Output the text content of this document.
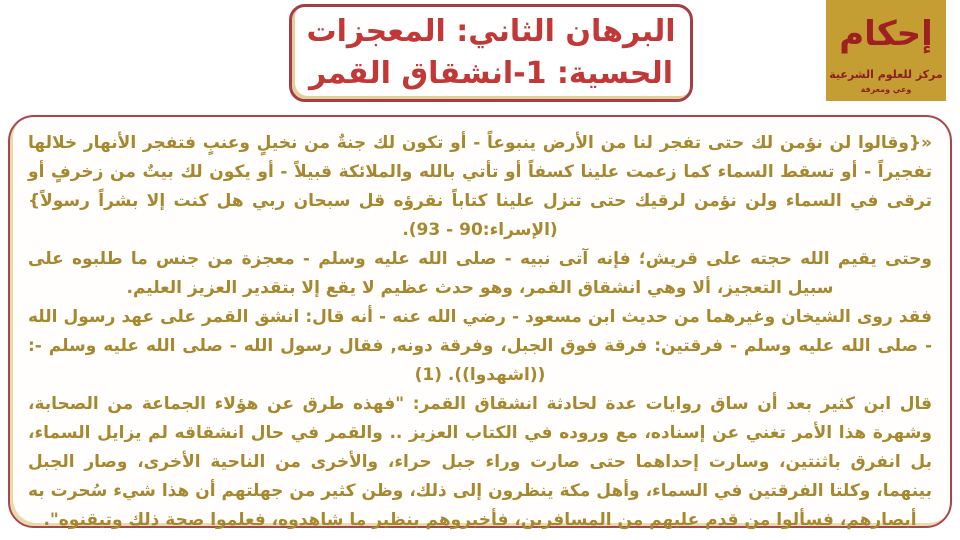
البرهان الثاني: المعجزات
الحسية: 1-انشقاق القمر
إحكام
مركز للعلوم الشرعية
وعي ومعرفة

«{وقالوا لن نؤمن لك حتى تفجر لنا من الأرض ينبوعاً - أو تكون لك جنةٌ من نخيلٍ وعنبٍ فتفجر الأنهار خلالها تفجيراً - أو تسقط السماء كما زعمت علينا كسفاً أو تأتي بالله والملائكة قبيلاً - أو يكون لك بيتٌ من زخرفٍ أو ترقى في السماء ولن نؤمن لرقيك حتى تنزل علينا كتاباً نقرؤه قل سبحان ربي هل كنت إلا بشراً رسولاً} (الإسراء:90 - 93).

وحتى يقيم الله حجته على قريش؛ فإنه آتى نبيه - صلى الله عليه وسلم - معجزة من جنس ما طلبوه على سبيل التعجيز، ألا وهي انشقاق القمر، وهو حدث عظيم لا يقع إلا بتقدير العزيز العليم.

فقد روى الشيخان وغيرهما من حديث ابن مسعود - رضي الله عنه - أنه قال: انشق القمر على عهد رسول الله - صلى الله عليه وسلم - فرقتين: فرقة فوق الجبل، وفرقة دونه, فقال رسول الله - صلى الله عليه وسلم -: ((اشهدوا)). (1)

قال ابن كثير بعد أن ساق روايات عدة لحادثة انشقاق القمر: "فهذه طرق عن هؤلاء الجماعة من الصحابة، وشهرة هذا الأمر تغني عن إسناده، مع وروده في الكتاب العزيز .. والقمر في حال انشقاقه لم يزايل السماء، بل انفرق باثنتين، وسارت إحداهما حتى صارت وراء جبل حراء، والأخرى من الناحية الأخرى، وصار الجبل بينهما، وكلتا الفرقتين في السماء، وأهل مكة ينظرون إلى ذلك، وظن كثير من جهلتهم أن هذا شيء سُحرت به أبصارهم، فسألوا من قدم عليهم من المسافرين، فأخبروهم بنظير ما شاهدوه، فعلموا صحة ذلك وتيقنوه".
